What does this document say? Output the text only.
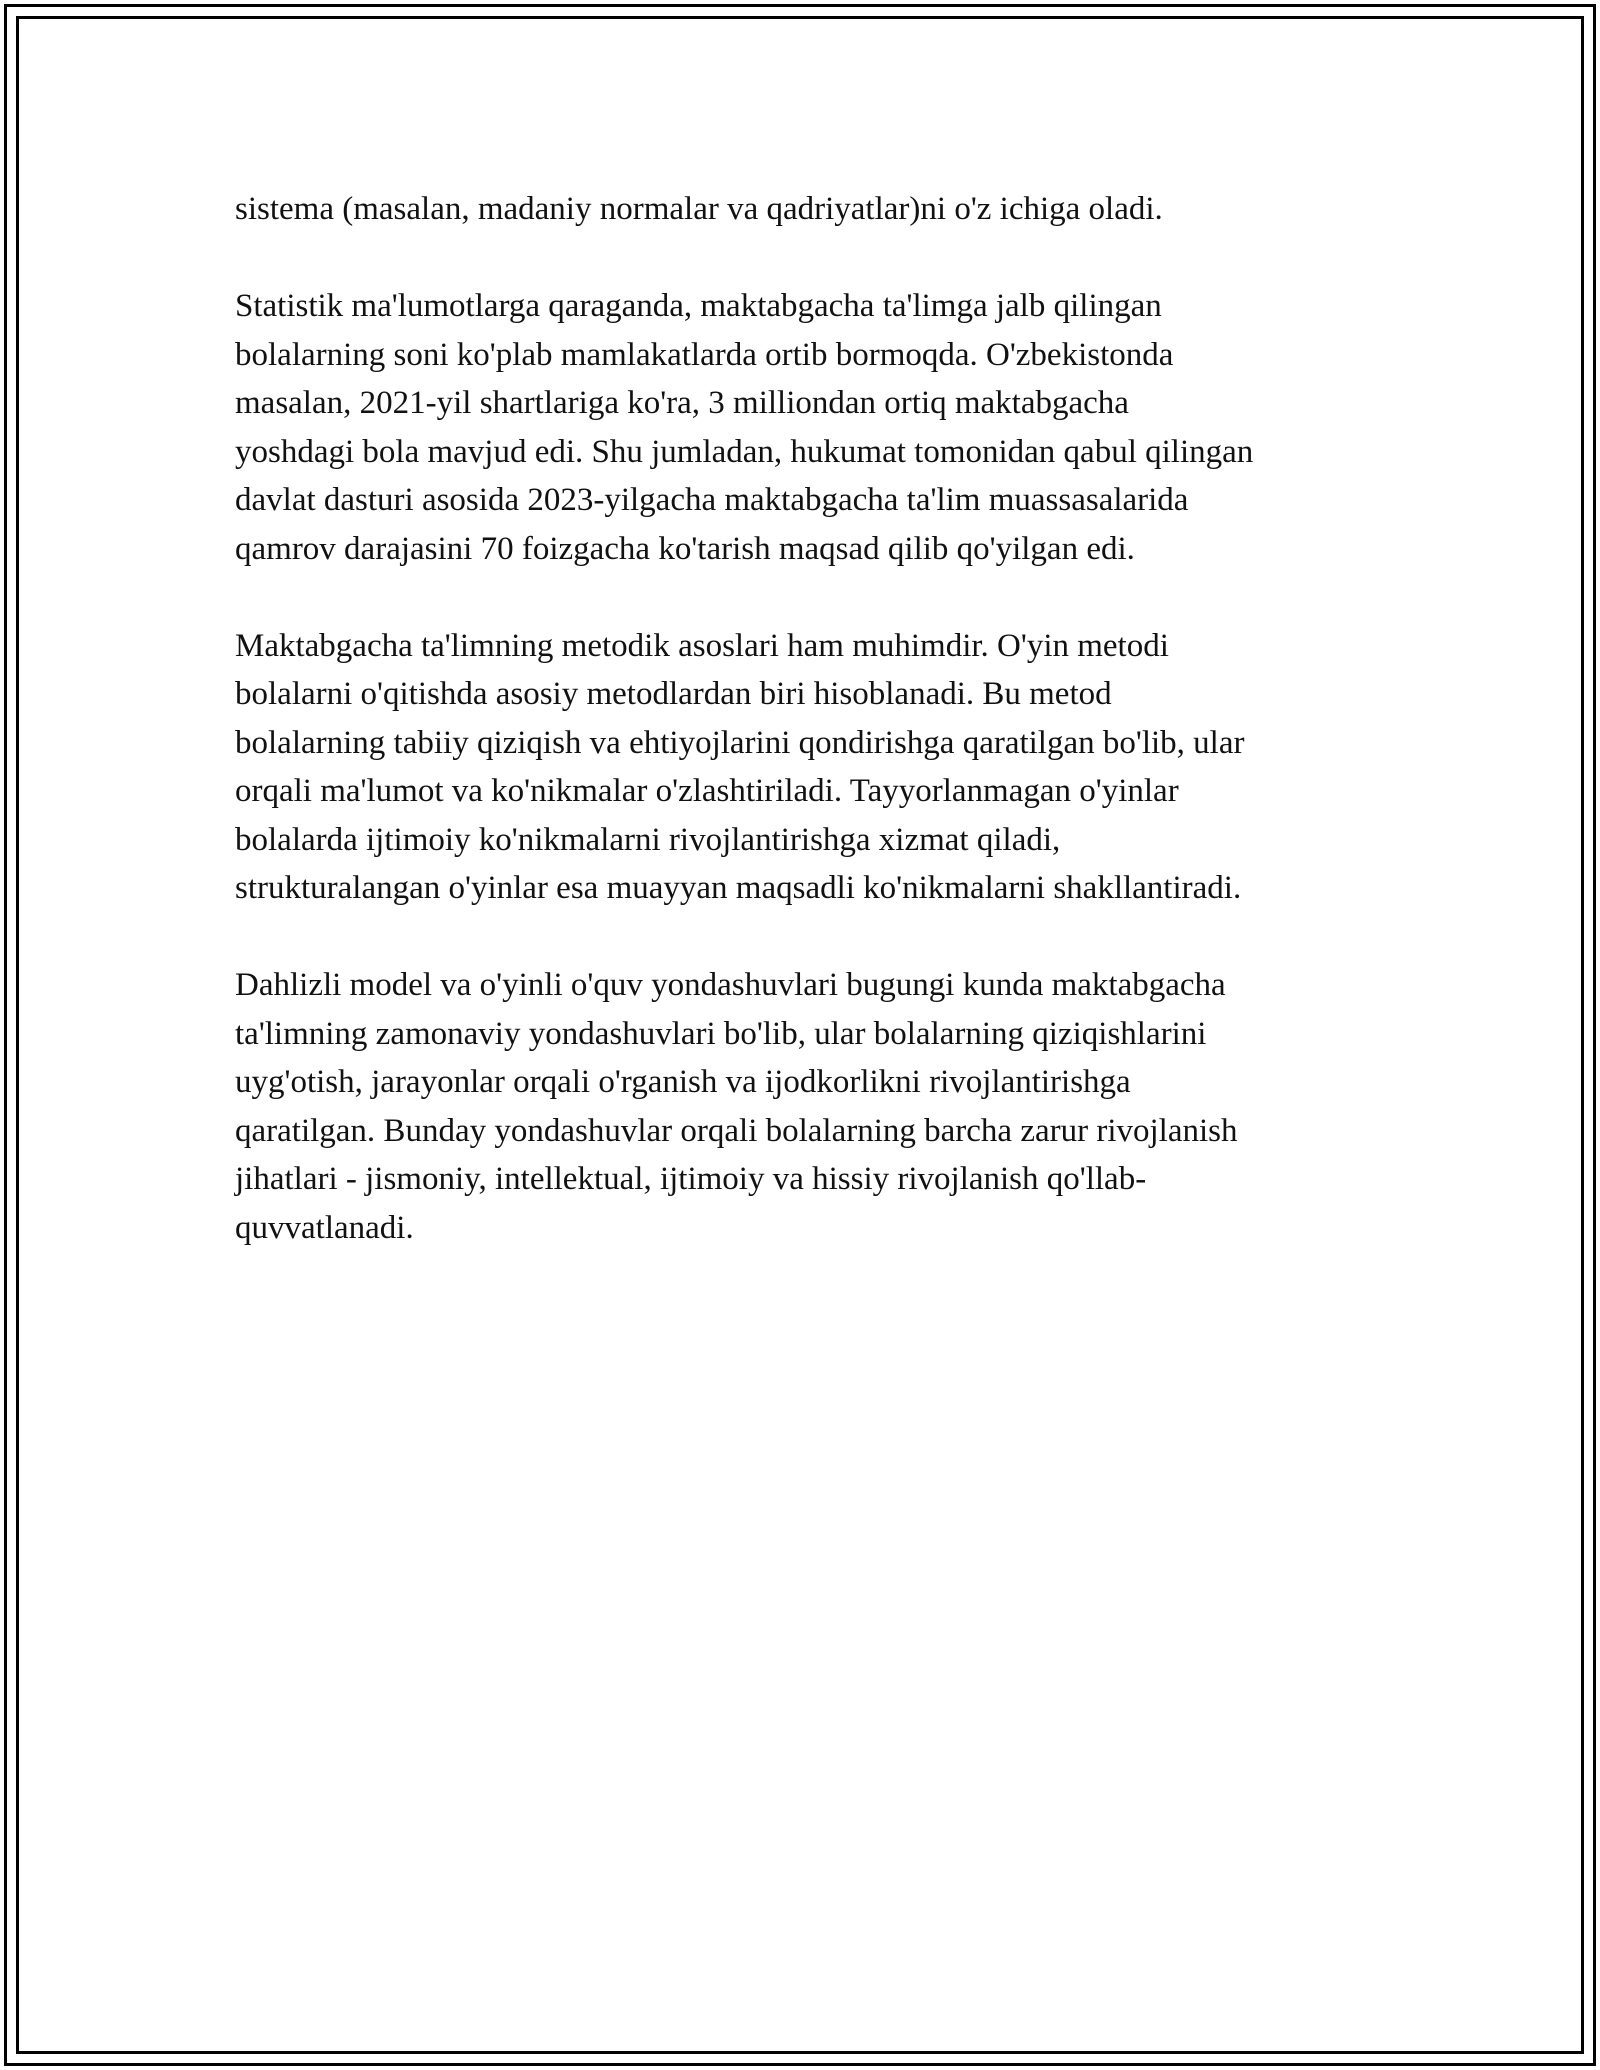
sistema (masalan, madaniy normalar va qadriyatlar)ni o'z ichiga oladi.

Statistik ma'lumotlarga qaraganda, maktabgacha ta'limga jalb qilingan
bolalarning soni ko'plab mamlakatlarda ortib bormoqda. O'zbekistonda
masalan, 2021-yil shartlariga ko'ra, 3 milliondan ortiq maktabgacha
yoshdagi bola mavjud edi. Shu jumladan, hukumat tomonidan qabul qilingan
davlat dasturi asosida 2023-yilgacha maktabgacha ta'lim muassasalarida
qamrov darajasini 70 foizgacha ko'tarish maqsad qilib qo'yilgan edi.

Maktabgacha ta'limning metodik asoslari ham muhimdir. O'yin metodi
bolalarni o'qitishda asosiy metodlardan biri hisoblanadi. Bu metod
bolalarning tabiiy qiziqish va ehtiyojlarini qondirishga qaratilgan bo'lib, ular
orqali ma'lumot va ko'nikmalar o'zlashtiriladi. Tayyorlanmagan o'yinlar
bolalarda ijtimoiy ko'nikmalarni rivojlantirishga xizmat qiladi,
strukturalangan o'yinlar esa muayyan maqsadli ko'nikmalarni shakllantiradi.

Dahlizli model va o'yinli o'quv yondashuvlari bugungi kunda maktabgacha
ta'limning zamonaviy yondashuvlari bo'lib, ular bolalarning qiziqishlarini
uyg'otish, jarayonlar orqali o'rganish va ijodkorlikni rivojlantirishga
qaratilgan. Bunday yondashuvlar orqali bolalarning barcha zarur rivojlanish
jihatlari - jismoniy, intellektual, ijtimoiy va hissiy rivojlanish qo'llab-
quvvatlanadi.
